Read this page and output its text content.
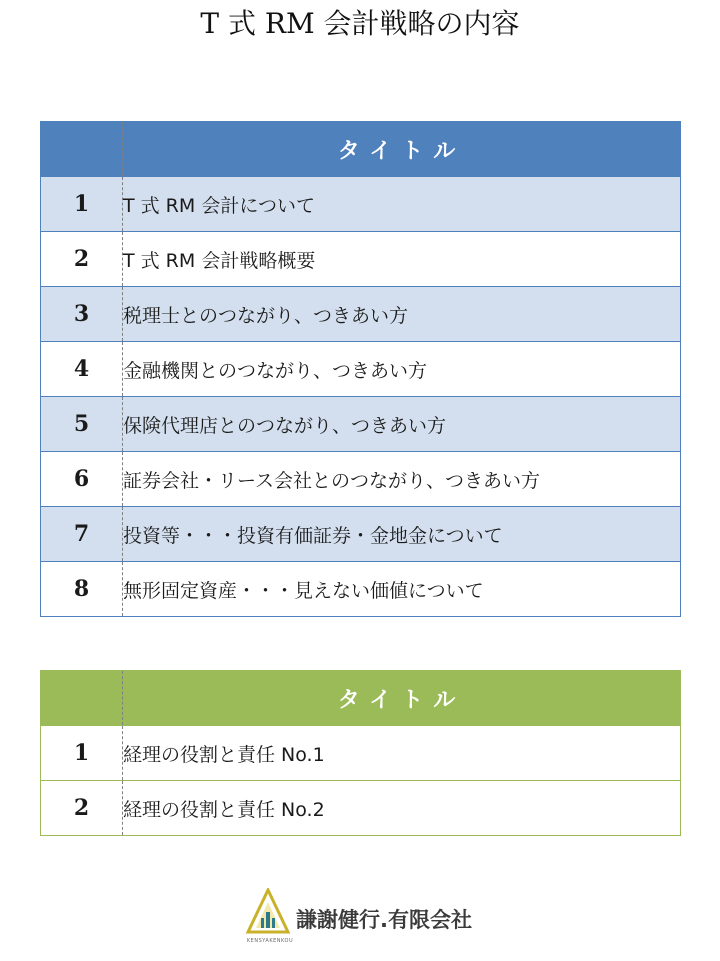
T 式 RM 会計戦略の内容
	タイトル
1	T 式 RM 会計について
2	T 式 RM 会計戦略概要
3	税理士とのつながり、つきあい方
4	金融機関とのつながり、つきあい方
5	保険代理店とのつながり、つきあい方
6	証券会社・リース会社とのつながり、つきあい方
7	投資等・・・投資有価証券・金地金について
8	無形固定資産・・・見えない価値について
	タイトル
1	経理の役割と責任 No.1
2	経理の役割と責任 No.2
KENSYAKENKOU
謙謝健行.有限会社
